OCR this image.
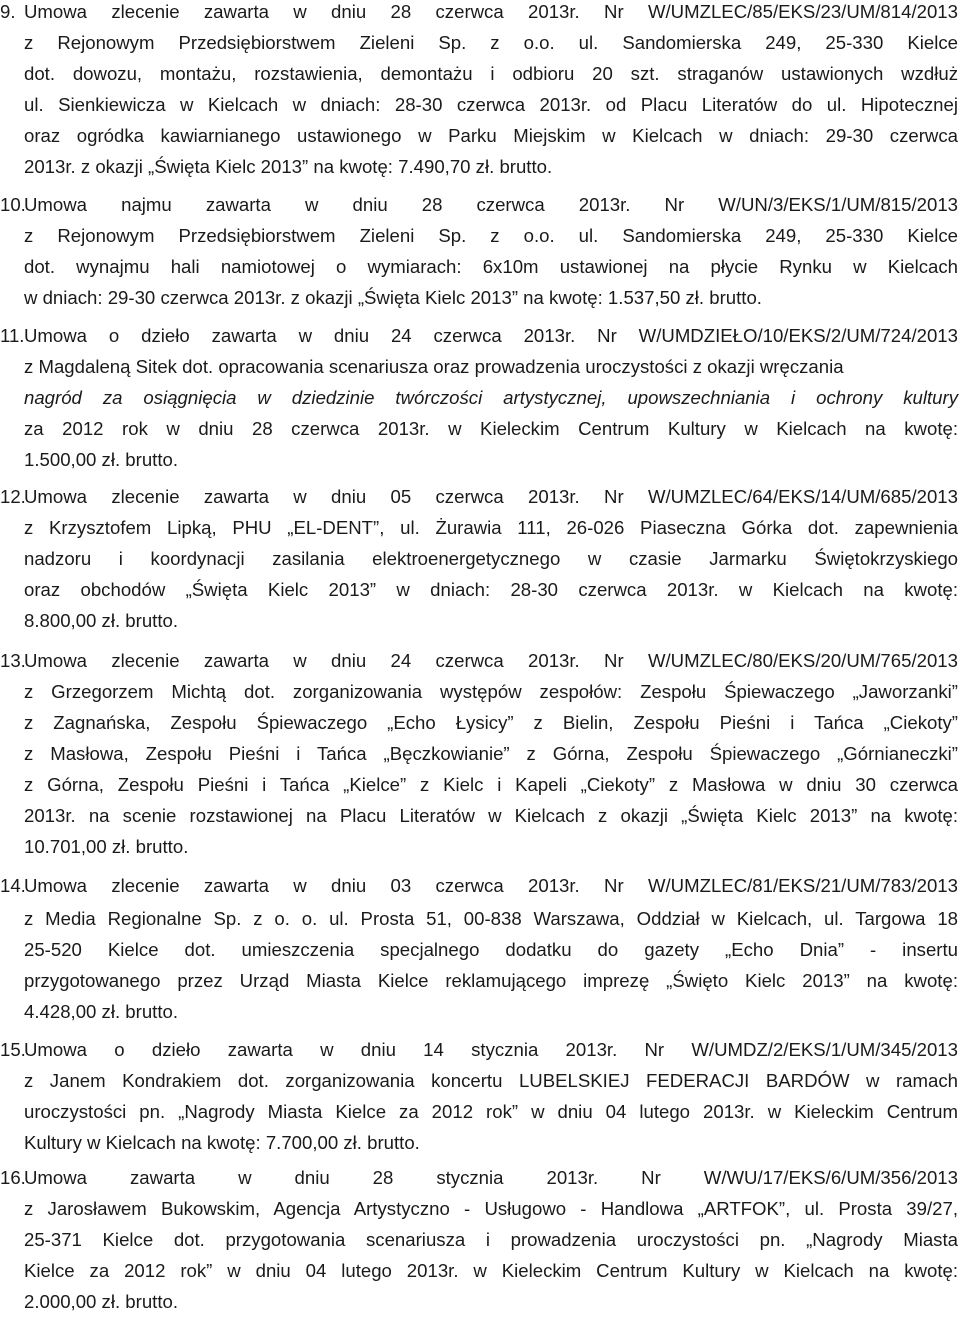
9. Umowa zlecenie zawarta w dniu 28 czerwca 2013r. Nr W/UMZLEC/85/EKS/23/UM/814/2013
z Rejonowym Przedsiębiorstwem Zieleni Sp. z o.o. ul. Sandomierska 249, 25-330 Kielce
dot. dowozu, montażu, rozstawienia, demontażu i odbioru 20 szt. straganów ustawionych wzdłuż
ul. Sienkiewicza w Kielcach w dniach: 28-30 czerwca 2013r. od Placu Literatów do ul. Hipotecznej
oraz ogródka kawiarnianego ustawionego w Parku Miejskim w Kielcach w dniach: 29-30 czerwca
2013r. z okazji „Święta Kielc 2013” na kwotę: 7.490,70 zł. brutto.
10.
Umowa najmu zawarta w dniu 28 czerwca 2013r. Nr W/UN/3/EKS/1/UM/815/2013
z Rejonowym Przedsiębiorstwem Zieleni Sp. z o.o. ul. Sandomierska 249, 25-330 Kielce
dot. wynajmu hali namiotowej o wymiarach: 6x10m ustawionej na płycie Rynku w Kielcach
w dniach: 29-30 czerwca 2013r. z okazji „Święta Kielc 2013” na kwotę: 1.537,50 zł. brutto.
11. Umowa o dzieło zawarta w dniu 24 czerwca 2013r. Nr W/UMDZIEŁO/10/EKS/2/UM/724/2013
z Magdaleną Sitek dot. opracowania scenariusza oraz prowadzenia uroczystości z okazji wręczania
nagród za osiągnięcia w dziedzinie twórczości artystycznej, upowszechniania i ochrony kultury
za 2012 rok w dniu 28 czerwca 2013r. w Kieleckim Centrum Kultury w Kielcach na kwotę:
1.500,00 zł. brutto.
12.
Umowa zlecenie zawarta w dniu 05 czerwca 2013r. Nr W/UMZLEC/64/EKS/14/UM/685/2013
z Krzysztofem Lipką, PHU „EL-DENT”, ul. Żurawia 111, 26-026 Piaseczna Górka dot. zapewnienia
nadzoru i koordynacji zasilania elektroenergetycznego w czasie Jarmarku Świętokrzyskiego
oraz obchodów „Święta Kielc 2013” w dniach: 28-30 czerwca 2013r. w Kielcach na kwotę:
8.800,00 zł. brutto.
13.
Umowa zlecenie zawarta w dniu 24 czerwca 2013r. Nr W/UMZLEC/80/EKS/20/UM/765/2013
z Grzegorzem Michtą dot. zorganizowania występów zespołów: Zespołu Śpiewaczego „Jaworzanki”
z Zagnańska, Zespołu Śpiewaczego „Echo Łysicy” z Bielin, Zespołu Pieśni i Tańca „Ciekoty”
z Masłowa, Zespołu Pieśni i Tańca „Bęczkowianie” z Górna, Zespołu Śpiewaczego „Górnianeczki”
z Górna, Zespołu Pieśni i Tańca „Kielce” z Kielc i Kapeli „Ciekoty” z Masłowa w dniu 30 czerwca
2013r. na scenie rozstawionej na Placu Literatów w Kielcach z okazji „Święta Kielc 2013” na kwotę:
10.701,00 zł. brutto.
14.
Umowa zlecenie zawarta w dniu 03 czerwca 2013r. Nr W/UMZLEC/81/EKS/21/UM/783/2013
z Media Regionalne Sp. z o. o. ul. Prosta 51, 00-838 Warszawa, Oddział w Kielcach, ul. Targowa 18
25-520 Kielce dot. umieszczenia specjalnego dodatku do gazety „Echo Dnia” - insertu
przygotowanego przez Urząd Miasta Kielce reklamującego imprezę „Święto Kielc 2013” na kwotę:
4.428,00 zł. brutto.
15.
Umowa o dzieło zawarta w dniu 14 stycznia 2013r. Nr W/UMDZ/2/EKS/1/UM/345/2013
z Janem Kondrakiem dot. zorganizowania koncertu LUBELSKIEJ FEDERACJI BARDÓW w ramach
uroczystości pn. „Nagrody Miasta Kielce za 2012 rok” w dniu 04 lutego 2013r. w Kieleckim Centrum
Kultury w Kielcach na kwotę: 7.700,00 zł. brutto.
16.
Umowa zawarta w dniu 28 stycznia 2013r. Nr W/WU/17/EKS/6/UM/356/2013
z Jarosławem Bukowskim, Agencja Artystyczno - Usługowo - Handlowa „ARTFOK”, ul. Prosta 39/27,
25-371 Kielce dot. przygotowania scenariusza i prowadzenia uroczystości pn. „Nagrody Miasta
Kielce za 2012 rok” w dniu 04 lutego 2013r. w Kieleckim Centrum Kultury w Kielcach na kwotę:
2.000,00 zł. brutto.
